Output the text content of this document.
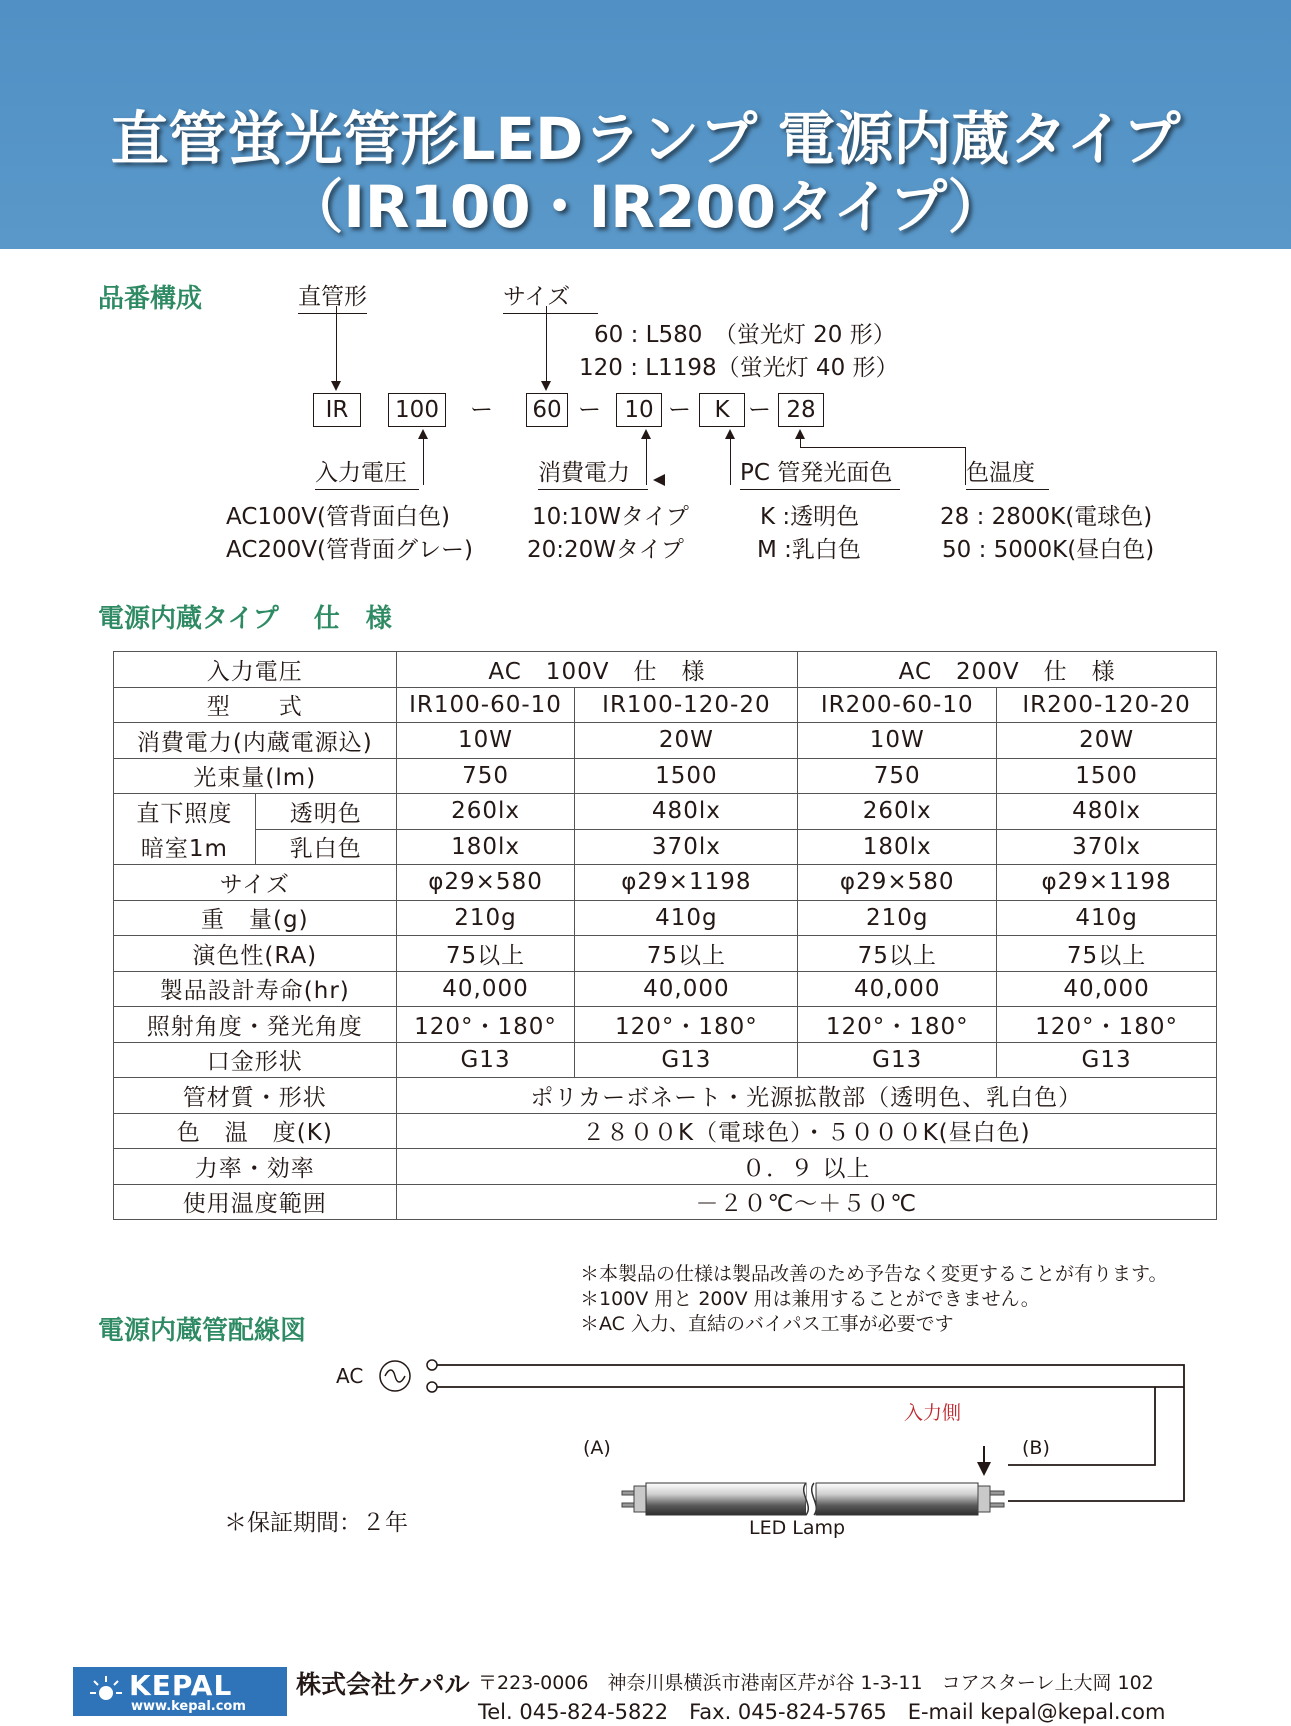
直管蛍光管形LEDランプ 電源内蔵タイプ
（IR100・IR200タイプ）
品番構成	直管形	サイズ
60 : L580　（蛍光灯 20 形）
120 : L1198（蛍光灯 40 形）
IR	100	ー 60 ー	10 ー	K ー 28
入力電圧	消費電力	PC 管発光面色	色温度
AC100V(管背面白色)
AC200V(管背面グレー)
10:10Wタイプ
20:20Wタイプ
K :透明色
M :乳白色
28 : 2800K(電球色)
50 : 5000K(昼白色)
電源内蔵タイプ　 仕　様
入力電圧		AC　100V　仕　様		AC　200V　仕　様	
型　　式		IR100-60-10	IR100-120-20	IR200-60-10	IR200-120-20
消費電力(内蔵電源込)		10W	20W	10W	20W
光束量(lm)		750	1500	750	1500
直下照度	透明色	260lx	480lx	260lx	480lx
暗室1m	乳白色	180lx	370lx	180lx	370lx
サイズ		φ29×580	φ29×1198	φ29×580	φ29×1198
重　量(g)		210g	410g	210g	410g
演色性(RA)		75以上	75以上	75以上	75以上
製品設計寿命(hr)		40,000	40,000	40,000	40,000
照射角度・発光角度		120°・180°	120°・180°	120°・180°	120°・180°
口金形状		G13	G13	G13	G13
管材質・形状		ポリカーボネート・光源拡散部（透明色、乳白色）			
色　温　度(K)		２８００K（電球色）・５０００K(昼白色)			
力率・効率		０．９ 以上			
使用温度範囲		－２０℃～＋５０℃			
＊本製品の仕様は製品改善のため予告なく変更することが有ります。
＊100V 用と 200V 用は兼用することができません。
＊AC 入力、直結のバイパス工事が必要です
電源内蔵管配線図
AC
入力側
(A)	(B)
LED Lamp
＊保証期間：２年
KEPAL
www.kepal.com
株式会社ケパル 〒223-0006　神奈川県横浜市港南区芹が谷 1-3-11　コアスターレ上大岡 102
Tel. 045-824-5822　Fax. 045-824-5765　E-mail kepal@kepal.com
